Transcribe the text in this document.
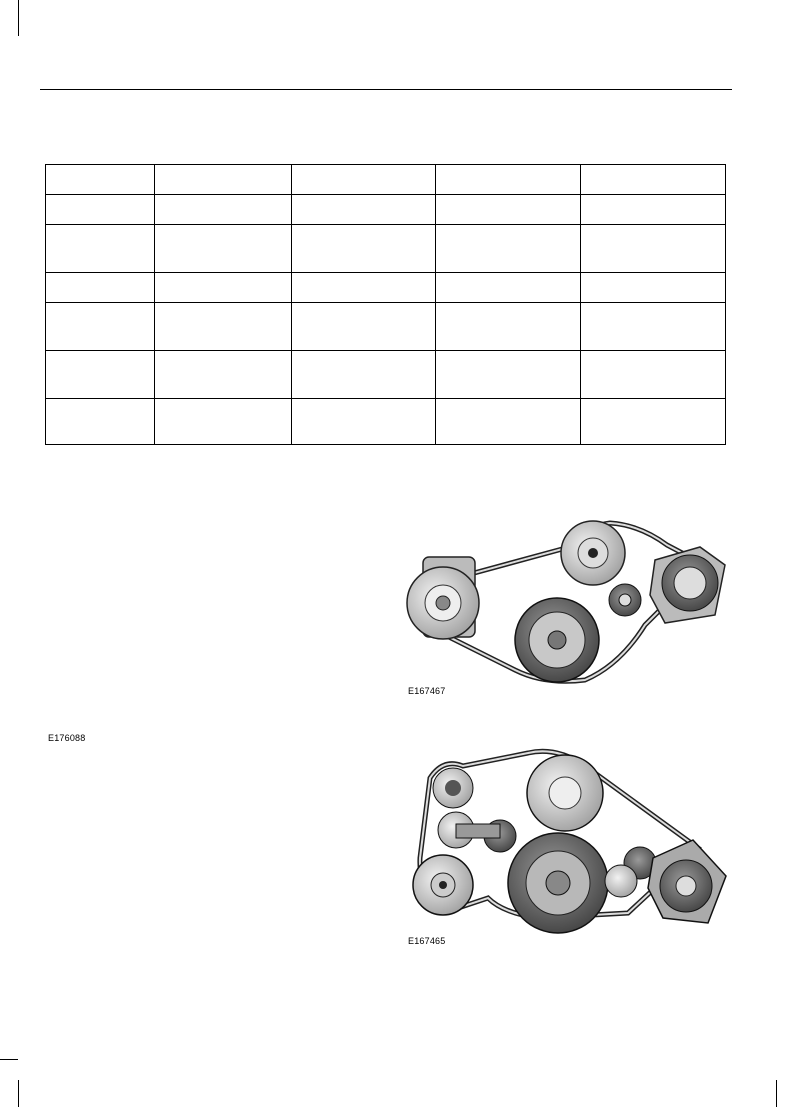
E167467
E176088
E167465
